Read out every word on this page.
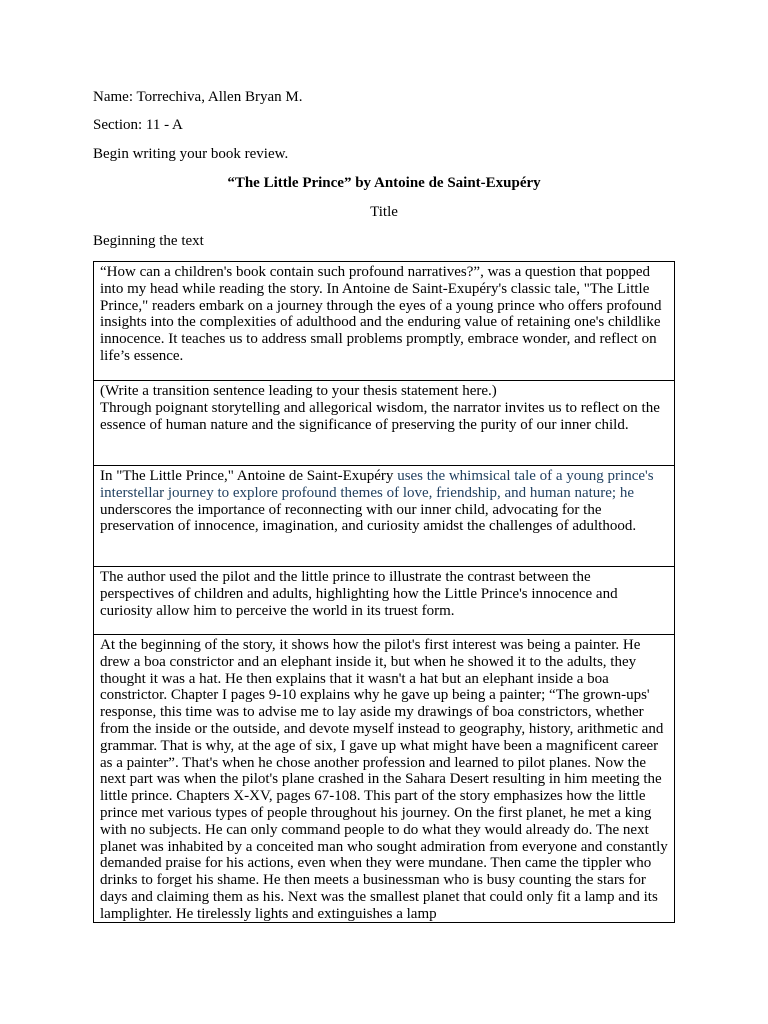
Name: Torrechiva, Allen Bryan M.
Section: 11 - A
Begin writing your book review.
“The Little Prince” by Antoine de Saint-Exupéry
Title
Beginning the text

“How can a children's book contain such profound narratives?”, was a question that popped into my head while reading the story. In Antoine de Saint-Exupéry's classic tale, "The Little Prince," readers embark on a journey through the eyes of a young prince who offers profound insights into the complexities of adulthood and the enduring value of retaining one's childlike innocence. It teaches us to address small problems promptly, embrace wonder, and reflect on life’s essence.

(Write a transition sentence leading to your thesis statement here.)

Through poignant storytelling and allegorical wisdom, the narrator invites us to reflect on the essence of human nature and the significance of preserving the purity of our inner child.

In "The Little Prince," Antoine de Saint-Exupéry uses the whimsical tale of a young prince's interstellar journey to explore profound themes of love, friendship, and human nature; he underscores the importance of reconnecting with our inner child, advocating for the preservation of innocence, imagination, and curiosity amidst the challenges of adulthood.

The author used the pilot and the little prince to illustrate the contrast between the perspectives of children and adults, highlighting how the Little Prince's innocence and curiosity allow him to perceive the world in its truest form.

At the beginning of the story, it shows how the pilot's first interest was being a painter. He drew a boa constrictor and an elephant inside it, but when he showed it to the adults, they thought it was a hat. He then explains that it wasn't a hat but an elephant inside a boa constrictor. Chapter I pages 9-10 explains why he gave up being a painter; “The grown-ups' response, this time was to advise me to lay aside my drawings of boa constrictors, whether from the inside or the outside, and devote myself instead to geography, history, arithmetic and grammar. That is why, at the age of six, I gave up what might have been a magnificent career as a painter”. That's when he chose another profession and learned to pilot planes. Now the next part was when the pilot's plane crashed in the Sahara Desert resulting in him meeting the little prince. Chapters X-XV, pages 67-108. This part of the story emphasizes how the little prince met various types of people throughout his journey. On the first planet, he met a king with no subjects. He can only command people to do what they would already do. The next planet was inhabited by a conceited man who sought admiration from everyone and constantly demanded praise for his actions, even when they were mundane. Then came the tippler who drinks to forget his shame. He then meets a businessman who is busy counting the stars for days and claiming them as his. Next was the smallest planet that could only fit a lamp and its lamplighter. He tirelessly lights and extinguishes a lamp
